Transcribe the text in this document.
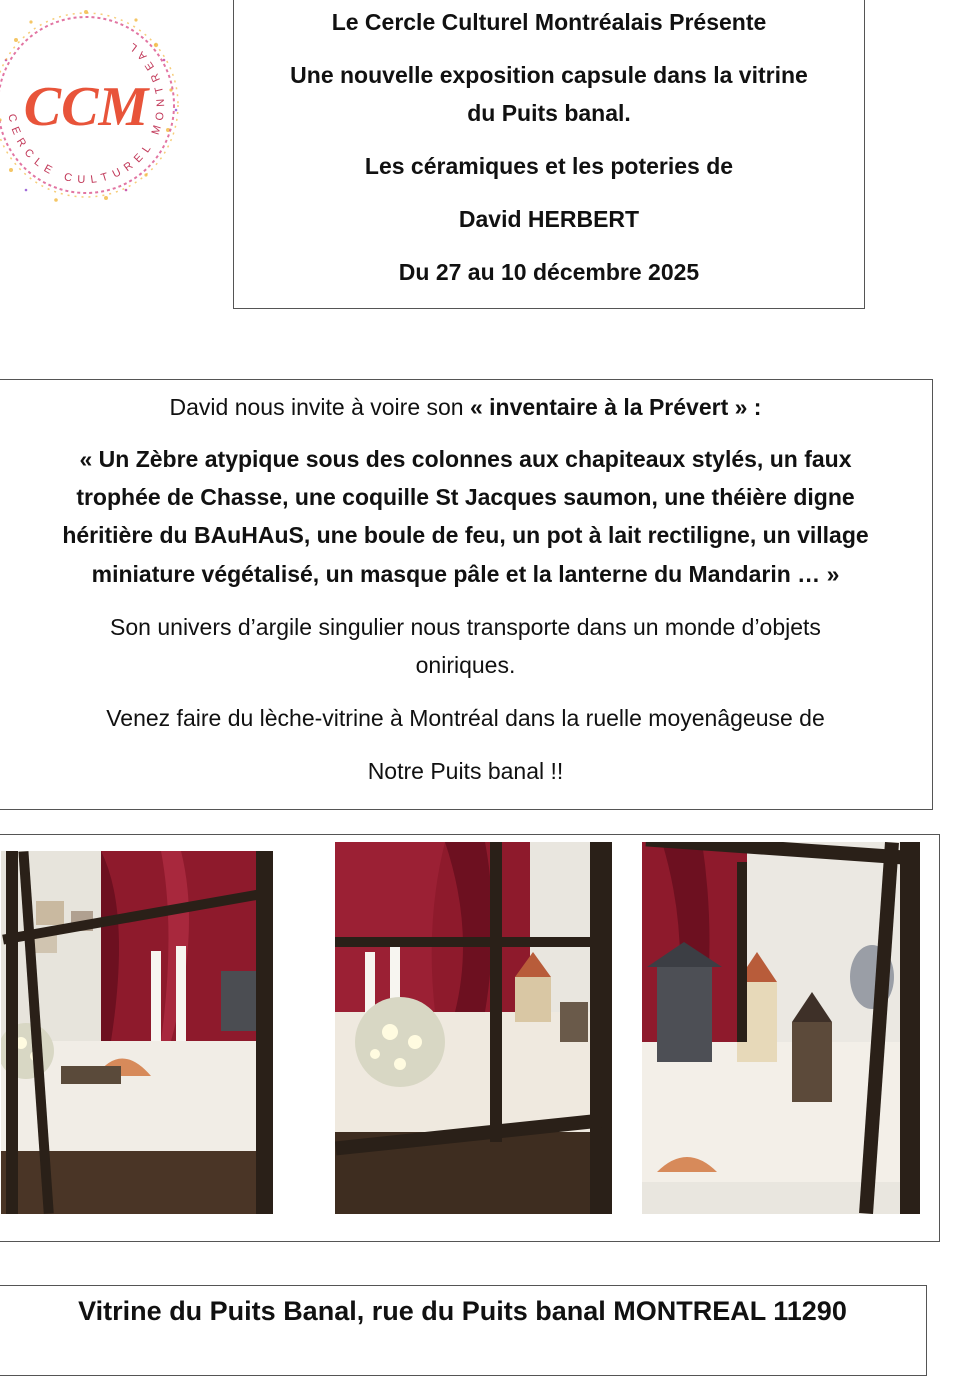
CERCLE CULTUREL MONTREAL
CCM

Le Cercle Culturel Montréalais Présente

Une nouvelle exposition capsule dans la vitrine

du Puits banal.

Les céramiques et les poteries de

David HERBERT

Du 27 au 10 décembre 2025

David nous invite à voire son « inventaire à la Prévert » :

« Un Zèbre atypique sous des colonnes aux chapiteaux stylés, un faux

trophée de Chasse, une coquille St Jacques saumon, une théière digne

héritière du BAuHAuS, une boule de feu, un pot à lait rectiligne, un village

miniature végétalisé, un masque pâle et la lanterne du Mandarin … »

Son univers d’argile singulier nous transporte dans un monde d’objets

oniriques.

Venez faire du lèche-vitrine à Montréal dans la ruelle moyenâgeuse de

Notre Puits banal !!

Vitrine du Puits Banal, rue du Puits banal MONTREAL 11290
